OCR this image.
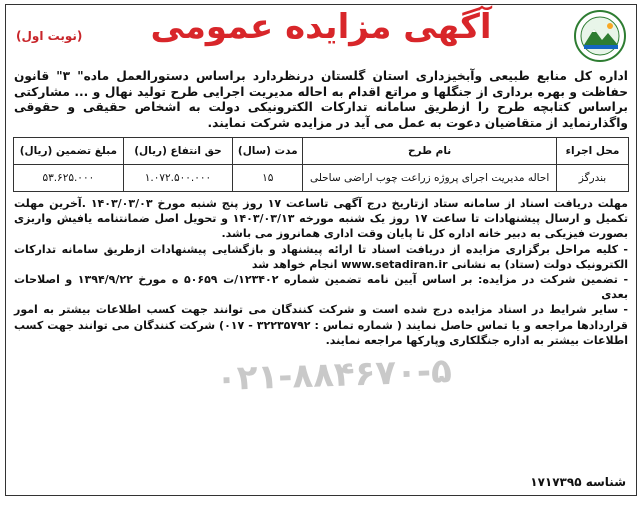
۰۲۱-۸۸۴۶۷۰-۵
(نوبت اول)	آگهی مزایده عمومی
اداره کل منابع طبیعی وآبخیزداری استان گلستان درنظردارد براساس دستورالعمل ماده" ۳" قانون حفاظت و بهره برداری از جنگلها و مراتع اقدام به احاله مدیریت اجرایی طرح تولید نهال و ... مشارکتی براساس کتابچه طرح را ازطریق سامانه تدارکات الکترونیکی دولت به اشخاص حقیقی و حقوقی واگذارنماید از متقاضیان دعوت به عمل می آید در مزایده شرکت نمایند.
محل اجراء	نام طرح	مدت (سال)	حق انتفاع (ریال)	مبلغ تضمین (ریال)
بندرگز	احاله مدیریت اجرای پروژه زراعت چوب اراضی ساحلی	۱۵	۱.۰۷۲.۵۰۰.۰۰۰	۵۳.۶۲۵.۰۰۰

مهلت دریافت اسناد از سامانه ستاد ازتاریخ درج آگهی تاساعت ۱۷ روز پنج شنبه مورخ ۱۴۰۳/۰۳/۰۳ .آخرین مهلت تکمیل و ارسال پیشنهادات تا ساعت ۱۷ روز یک شنبه مورخه ۱۴۰۳/۰۳/۱۳ و تحویل اصل ضمانتنامه یافیش واریزی بصورت فیزیکی به دبیر خانه اداره کل تا پایان وقت اداری همانروز می باشد.

- کلیه مراحل برگزاری مزایده از دریافت اسناد تا ارائه پیشنهاد و بازگشایی پیشنهادات ازطریق سامانه تدارکات الکترونیک دولت (ستاد) به نشانی www.setadiran.ir انجام خواهد شد

- تضمین شرکت در مزایده: بر اساس آیین نامه تضمین شماره ۱۲۳۴۰۲/ت ۵۰۶۵۹ ه مورخ ۱۳۹۴/۹/۲۲ و اصلاحات بعدی

- سایر شرایط در اسناد مزایده درج شده است و شرکت کنندگان می توانند جهت کسب اطلاعات بیشتر به امور قراردادها مراجعه و یا تماس حاصل نمایند ( شماره تماس : ۳۲۲۳۵۷۹۲ - ۰۱۷) شرکت کنندگان می توانند جهت کسب اطلاعات بیشتر به اداره جنگلکاری وپارکها مراجعه نمایند.

شناسه ۱۷۱۷۳۹۵
